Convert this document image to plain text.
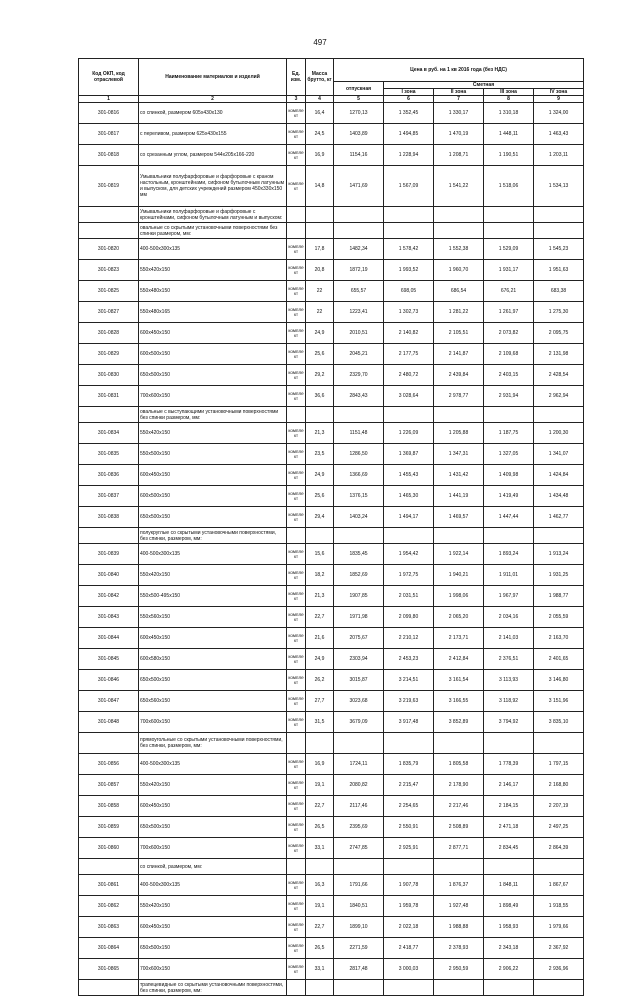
497
Код ОКП, код отраслевой	Наименование материалов и изделий	Ед. изм.	Масса брутто, кг	Цена в руб. на 1 кв 2016 года (без НДС)				
				отпускная	Сметная			
					I зона	II зона	III зона	IV зона
1	2	3	4	5	6	7	8	9
301-0816	со спинкой, размером 605х430х130	компле кт	16,4	1270,13	1 352,45	1 330,17	1 310,18	1 324,00
301-0817	с переливом, размером 625х430х155	компле кт	24,5	1403,89	1 494,85	1 470,19	1 448,11	1 463,43
301-0818	со срезанным углом, размером 544х205х166-220	компле кт	16,9	1154,16	1 228,94	1 208,71	1 190,51	1 203,11
301-0819	Умывальники полуфарфоровые и фарфоровые с краном настольным, кронштейнами, сифоном бутылочным латунным и выпуском, для детских учреждений размером 450х330х150 мм	компле кт	14,8	1471,69	1 567,09	1 541,22	1 518,06	1 534,13
	Умывальники полуфарфоровые и фарфоровые с кронштейнами, сифоном бутылочным латунным и выпуском:							
	овальные со скрытыми установочными поверхностями без спинки размером, мм:							
301-0820	400-500х300х135	компле кт	17,8	1482,34	1 578,42	1 552,38	1 529,09	1 545,23
301-0823	550х420х150	компле кт	20,8	1872,19	1 993,52	1 960,70	1 931,17	1 951,63
301-0825	550х480х150	компле кт	22	655,57	698,05	686,54	676,21	683,38
301-0827	550х480х165	компле кт	22	1223,41	1 302,73	1 281,22	1 261,97	1 275,30
301-0828	600х450х150	компле кт	24,9	2010,51	2 140,82	2 105,51	2 073,82	2 095,75
301-0829	600х500х150	компле кт	25,6	2045,21	2 177,75	2 141,87	2 109,68	2 131,98
301-0830	650х500х150	компле кт	29,2	2329,70	2 480,72	2 439,84	2 403,15	2 428,54
301-0831	700х600х150	компле кт	36,6	2843,43	3 028,64	2 978,77	2 931,94	2 962,94
	овальные с выступающими установочными поверхностями без спинки размером, мм:							
301-0834	550х420х150	компле кт	21,3	1151,48	1 226,09	1 205,88	1 187,75	1 200,30
301-0835	550х500х150	компле кт	23,5	1286,50	1 369,87	1 347,31	1 327,05	1 341,07
301-0836	600х450х150	компле кт	24,9	1366,69	1 455,43	1 431,42	1 409,98	1 424,84
301-0837	600х500х150	компле кт	25,6	1376,15	1 465,30	1 441,19	1 419,49	1 434,48
301-0838	650х500х150	компле кт	29,4	1403,24	1 494,17	1 469,57	1 447,44	1 462,77
	полукруглые со скрытыми установочными поверхностями, без спинки, размером, мм:							
301-0839	400-500х300х135	компле кт	15,6	1835,45	1 954,42	1 922,14	1 893,24	1 913,24
301-0840	550х420х150	компле кт	18,2	1852,69	1 972,75	1 940,21	1 911,01	1 931,25
301-0842	550х500-495х150	компле кт	21,3	1907,85	2 031,51	1 998,06	1 967,97	1 988,77
301-0843	550х560х150	компле кт	22,7	1971,98	2 099,80	2 065,20	2 034,16	2 055,59
301-0844	600х450х150	компле кт	21,6	2075,67	2 210,12	2 173,71	2 141,03	2 163,70
301-0845	600х580х150	компле кт	24,9	2303,94	2 453,23	2 412,84	2 376,51	2 401,65
301-0846	650х500х150	компле кт	26,2	3015,87	3 214,51	3 161,54	3 113,93	3 146,80
301-0847	650х560х150	компле кт	27,7	3023,68	3 219,63	3 166,55	3 118,92	3 151,96
301-0848	700х600х150	компле кт	31,5	3679,09	3 917,48	3 852,89	3 794,92	3 835,10
	прямоугольные со скрытыми установочными поверхностями, без спинки, размером, мм:							
301-0856	400-500х300х135	компле кт	16,9	1724,11	1 835,79	1 805,58	1 778,39	1 797,15
301-0857	550х420х150	компле кт	19,1	2080,82	2 215,47	2 178,90	2 146,17	2 168,80
301-0858	600х450х150	компле кт	22,7	2117,46	2 254,65	2 217,46	2 184,15	2 207,19
301-0859	650х500х150	компле кт	26,5	2395,69	2 550,91	2 508,89	2 471,18	2 497,25
301-0860	700х600х150	компле кт	33,1	2747,85	2 925,91	2 877,71	2 834,45	2 864,39
	со спинкой, размером, мм:							
301-0861	400-500х300х135	компле кт	16,3	1791,66	1 907,78	1 876,37	1 848,11	1 867,67
301-0862	550х420х150	компле кт	19,1	1840,51	1 959,78	1 927,48	1 898,49	1 918,55
301-0863	600х450х150	компле кт	22,7	1899,10	2 022,18	1 988,88	1 958,93	1 979,66
301-0864	650х500х150	компле кт	26,5	2271,59	2 418,77	2 378,93	2 343,18	2 367,92
301-0865	700х600х150	компле кт	33,1	2817,48	3 000,03	2 950,59	2 906,22	2 936,96
	трапецевидные со скрытыми установочными поверхностями, без спинки, размером, мм:							
